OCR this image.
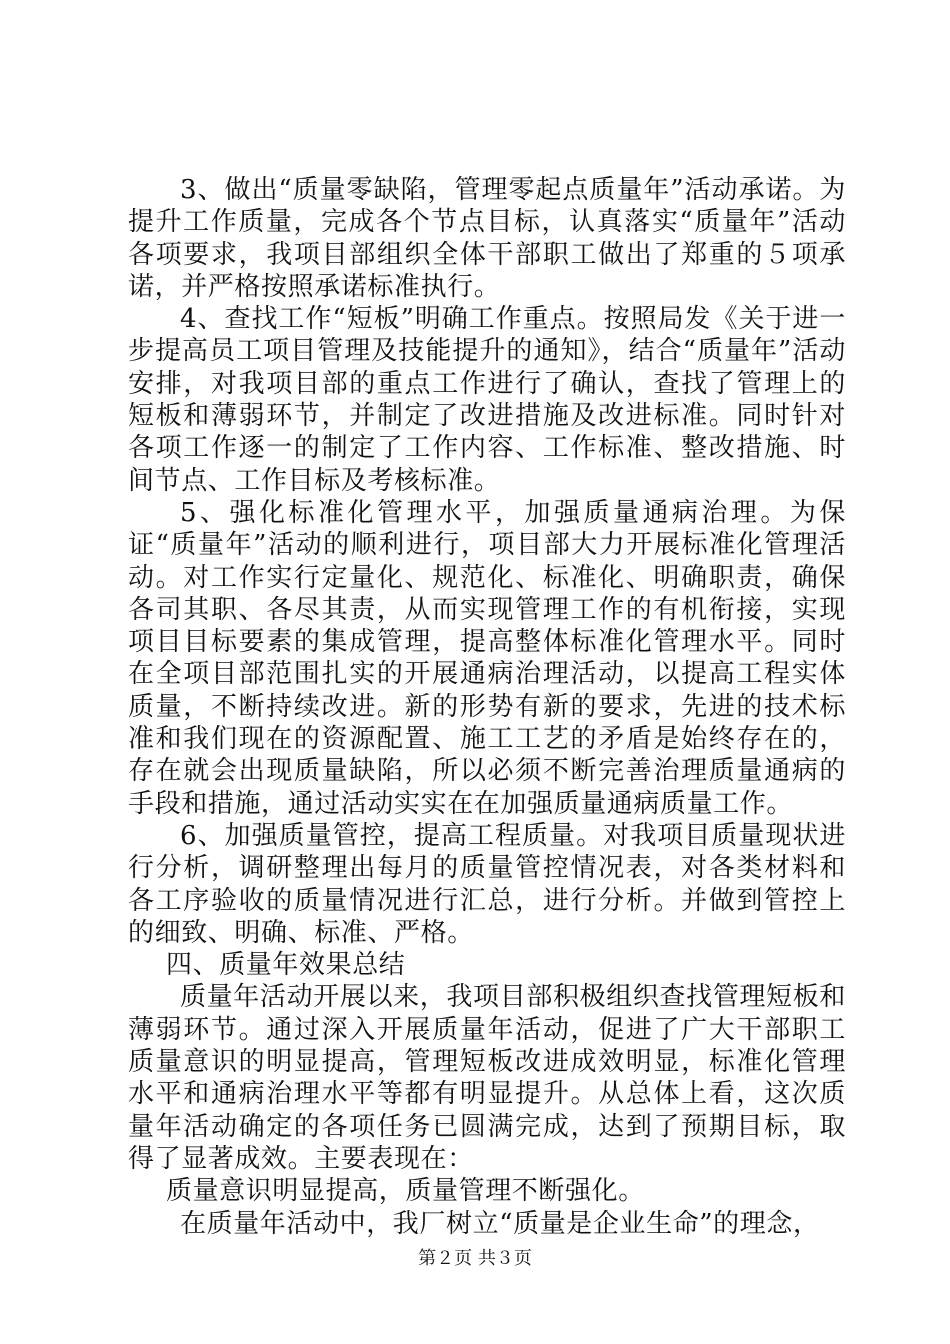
3、做出“质量零缺陷，管理零起点质量年”活动承诺。为提升工作质量，完成各个节点目标，认真落实“质量年”活动各项要求，我项目部组织全体干部职工做出了郑重的５项承诺，并严格按照承诺标准执行。

4、查找工作“短板”明确工作重点。按照局发《关于进一步提高员工项目管理及技能提升的通知》，结合“质量年”活动安排，对我项目部的重点工作进行了确认，查找了管理上的短板和薄弱环节，并制定了改进措施及改进标准。同时针对各项工作逐一的制定了工作内容、工作标准、整改措施、时间节点、工作目标及考核标准。

5、强化标准化管理水平，加强质量通病治理。为保证“质量年”活动的顺利进行，项目部大力开展标准化管理活动。对工作实行定量化、规范化、标准化、明确职责，确保各司其职、各尽其责，从而实现管理工作的有机衔接，实现项目目标要素的集成管理，提高整体标准化管理水平。同时在全项目部范围扎实的开展通病治理活动，以提高工程实体质量，不断持续改进。新的形势有新的要求，先进的技术标准和我们现在的资源配置、施工工艺的矛盾是始终存在的，存在就会出现质量缺陷，所以必须不断完善治理质量通病的手段和措施，通过活动实实在在加强质量通病质量工作。

6、加强质量管控，提高工程质量。对我项目质量现状进行分析，调研整理出每月的质量管控情况表，对各类材料和各工序验收的质量情况进行汇总，进行分析。并做到管控上的细致、明确、标准、严格。

四、质量年效果总结

质量年活动开展以来，我项目部积极组织查找管理短板和薄弱环节。通过深入开展质量年活动，促进了广大干部职工质量意识的明显提高，管理短板改进成效明显，标准化管理水平和通病治理水平等都有明显提升。从总体上看，这次质量年活动确定的各项任务已圆满完成，达到了预期目标，取得了显著成效。主要表现在：

质量意识明显提高，质量管理不断强化。

在质量年活动中，我厂树立“质量是企业生命”的理念，

第２页 共３页
